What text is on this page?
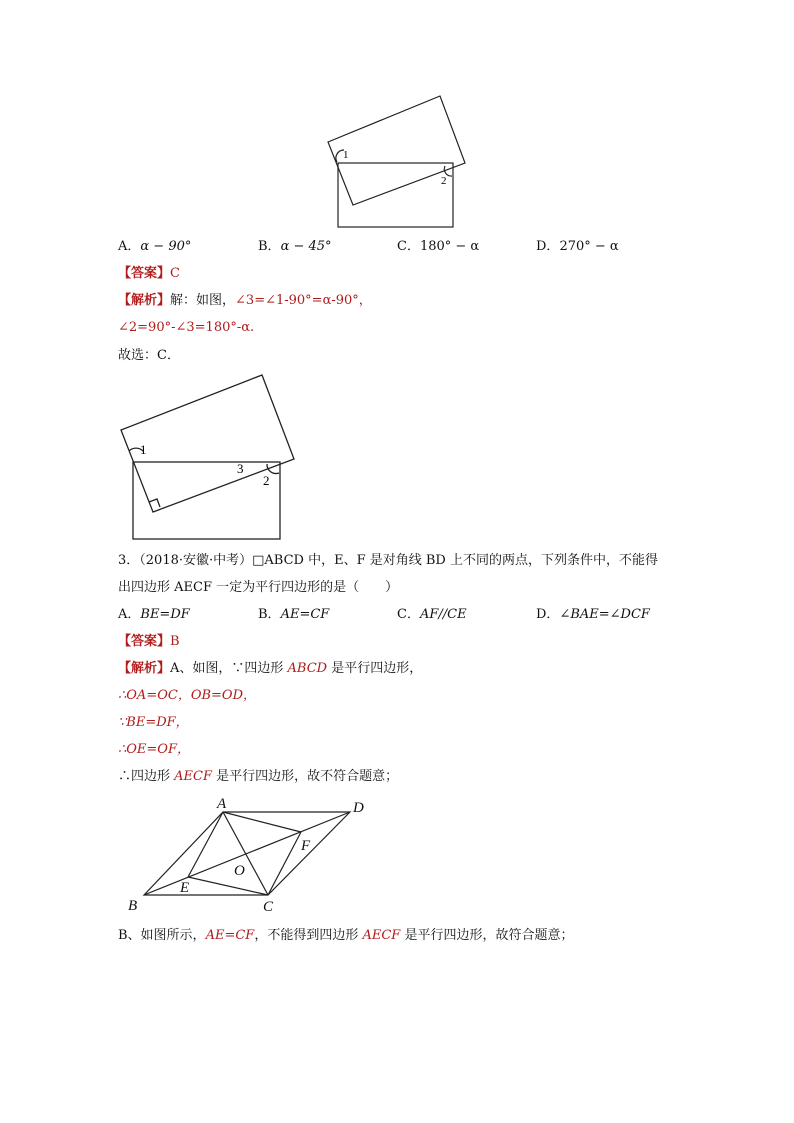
1
2
A．α − 90°	B．α − 45°	C．180° − α	D．270° − α
【答案】C
【解析】解：如图，∠3=∠1-90°=α-90°，
∠2=90°-∠3=180°-α.
故选：C．
1
3
2
3．（2018·安徽·中考）□ABCD 中，E、F 是对角线 BD 上不同的两点，下列条件中，不能得
出四边形 AECF 一定为平行四边形的是（　　）
A．BE=DF	B．AE=CF	C．AF//CE	D．∠BAE=∠DCF
【答案】B
【解析】A、如图，∵四边形 ABCD 是平行四边形，
∴OA=OC，OB=OD，
∵BE=DF，
∴OE=OF，
∴四边形 AECF 是平行四边形，故不符合题意；
A	D
B	C
E
F
O
B、如图所示，AE=CF，不能得到四边形 AECF 是平行四边形，故符合题意；
